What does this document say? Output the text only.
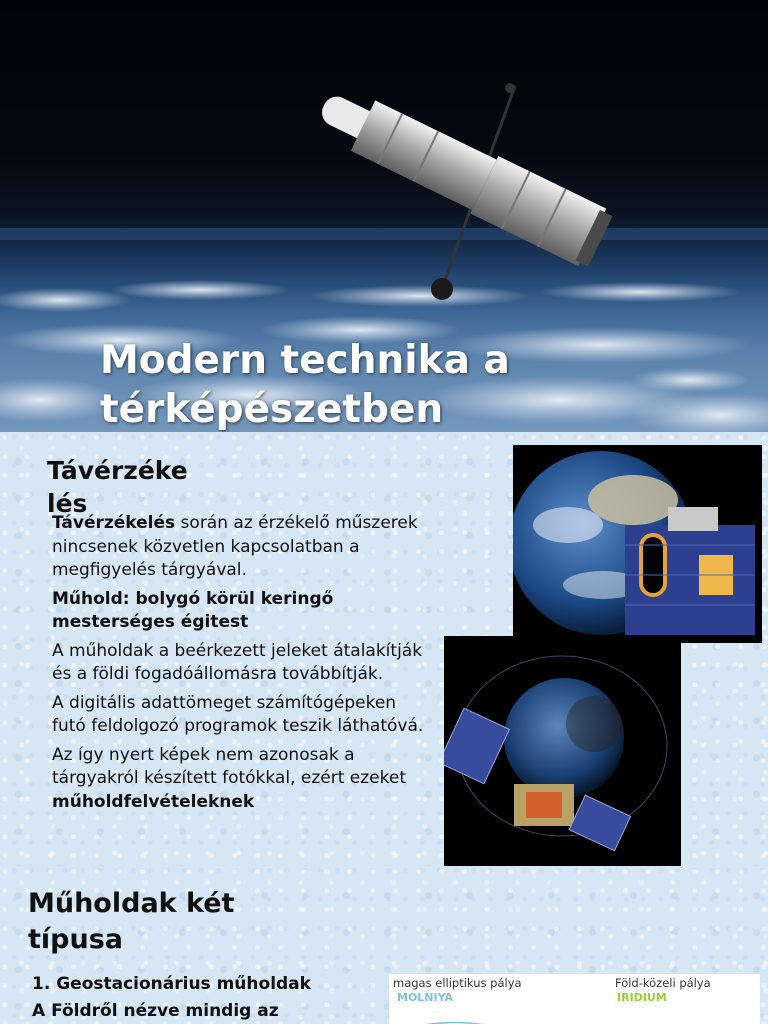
Modern technika a
térképészetben
Távérzéke
lés

Távérzékelés során az érzékelő műszerek nincsenek közvetlen kapcsolatban a megfigyelés tárgyával.

Műhold: bolygó körül keringő mesterséges égitest

A műholdak a beérkezett jeleket átalakítják és a földi fogadóállomásra továbbítják.

A digitális adattömeget számítógépeken futó feldolgozó programok teszik láthatóvá.

Az így nyert képek nem azonosak a tárgyakról készített fotókkal, ezért ezeket műholdfelvételeknek

Műholdak két
típusa
1. Geostacionárius műholdak
A Földről nézve mindig az
magas elliptikus pálya
MOLNIYA
Föld-közeli pálya
IRIDIUM
